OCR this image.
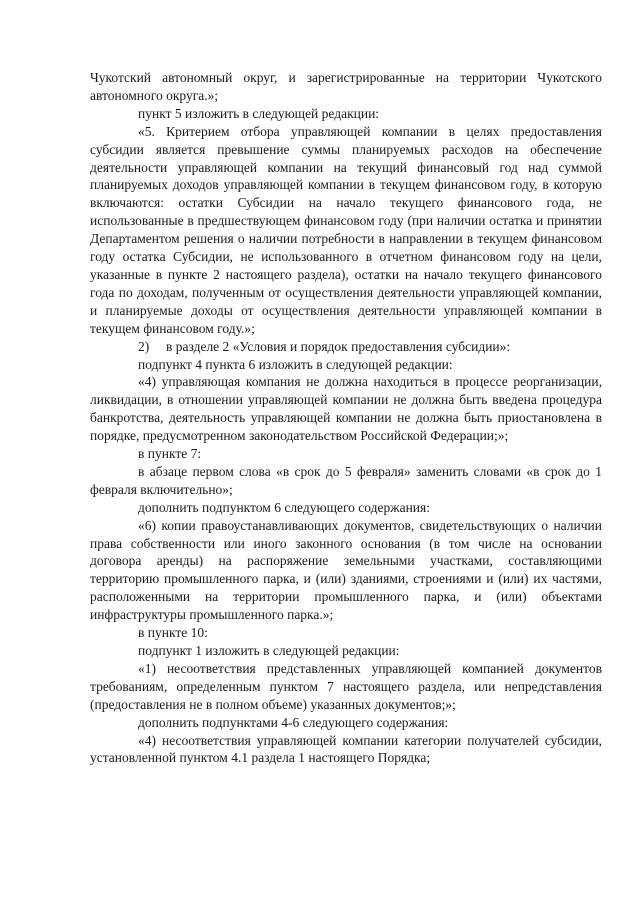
Чукотский автономный округ, и зарегистрированные на территории Чукотского автономного округа.»;

пункт 5 изложить в следующей редакции:

«5. Критерием отбора управляющей компании в целях предоставления субсидии является превышение суммы планируемых расходов на обеспечение деятельности управляющей компании на текущий финансовый год над суммой планируемых доходов управляющей компании в текущем финансовом году, в которую включаются: остатки Субсидии на начало текущего финансового года, не использованные в предшествующем финансовом году (при наличии остатка и принятии Департаментом решения о наличии потребности в направлении в текущем финансовом году остатка Субсидии, не использованного в отчетном финансовом году на цели, указанные в пункте 2 настоящего раздела), остатки на начало текущего финансового года по доходам, полученным от осуществления деятельности управляющей компании, и планируемые доходы от осуществления деятельности управляющей компании в текущем финансовом году.»;

2) в разделе 2 «Условия и порядок предоставления субсидии»:

подпункт 4 пункта 6 изложить в следующей редакции:

«4) управляющая компания не должна находиться в процессе реорганизации, ликвидации, в отношении управляющей компании не должна быть введена процедура банкротства, деятельность управляющей компании не должна быть приостановлена в порядке, предусмотренном законодательством Российской Федерации;»;

в пункте 7:

в абзаце первом слова «в срок до 5 февраля» заменить словами «в срок до 1 февраля включительно»;

дополнить подпунктом 6 следующего содержания:

«6) копии правоустанавливающих документов, свидетельствующих о наличии права собственности или иного законного основания (в том числе на основании договора аренды) на распоряжение земельными участками, составляющими территорию промышленного парка, и (или) зданиями, строениями и (или) их частями, расположенными на территории промышленного парка, и (или) объектами инфраструктуры промышленного парка.»;

в пункте 10:

подпункт 1 изложить в следующей редакции:

«1) несоответствия представленных управляющей компанией документов требованиям, определенным пунктом 7 настоящего раздела, или непредставления (предоставления не в полном объеме) указанных документов;»;

дополнить подпунктами 4-6 следующего содержания:

«4) несоответствия управляющей компании категории получателей субсидии, установленной пунктом 4.1 раздела 1 настоящего Порядка;
